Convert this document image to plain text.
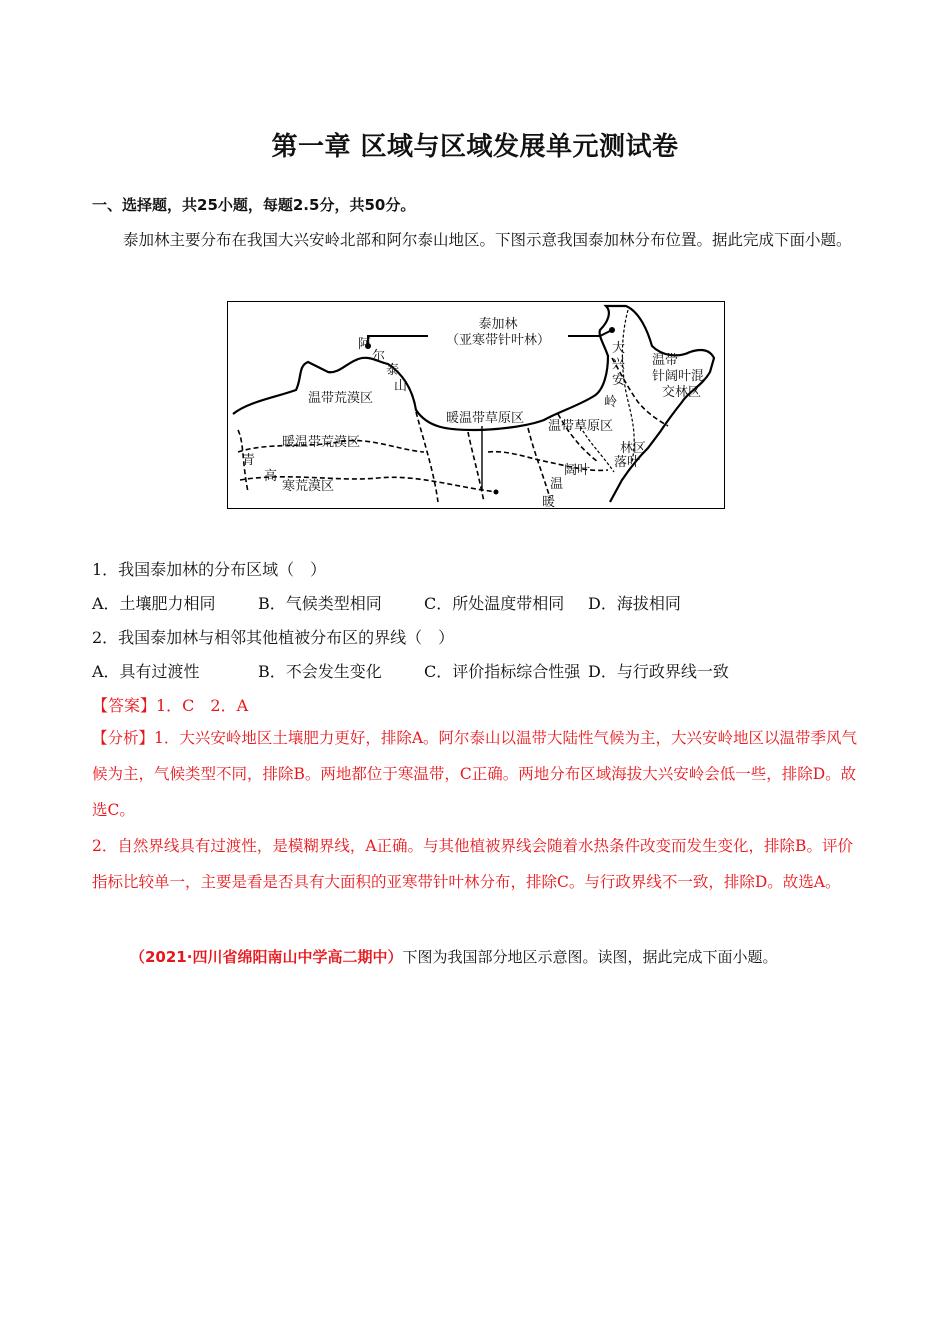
第一章 区域与区域发展单元测试卷
一、选择题，共25小题，每题2.5分，共50分。
泰加林主要分布在我国大兴安岭北部和阿尔泰山地区。下图示意我国泰加林分布位置。据此完成下面小题。
泰加林
（亚寒带针叶林）
阿
尔
泰
山
温带荒漠区
暖温带荒漠区
青
高
寒荒漠区
暖温带草原区
温带草原区
大
兴
安
岭
温带
针阔叶混
交林区
林区
落叶
阔叶
温
暖
1．我国泰加林的分布区域（　）
A．土壤肥力相同	B．气候类型相同	C．所处温度带相同 D．海拔相同
2．我国泰加林与相邻其他植被分布区的界线（　）
A．具有过渡性	B．不会发生变化	C．评价指标综合性强 D．与行政界线一致
【答案】1．C　2．A
【分析】1．大兴安岭地区土壤肥力更好，排除A。阿尔泰山以温带大陆性气候为主，大兴安岭地区以温带季风气候为主，气候类型不同，排除B。两地都位于寒温带，C正确。两地分布区域海拔大兴安岭会低一些，排除D。故选C。
2．自然界线具有过渡性，是模糊界线，A正确。与其他植被界线会随着水热条件改变而发生变化，排除B。评价指标比较单一，主要是看是否具有大面积的亚寒带针叶林分布，排除C。与行政界线不一致，排除D。故选A。
（2021·四川省绵阳南山中学高二期中）下图为我国部分地区示意图。读图，据此完成下面小题。
